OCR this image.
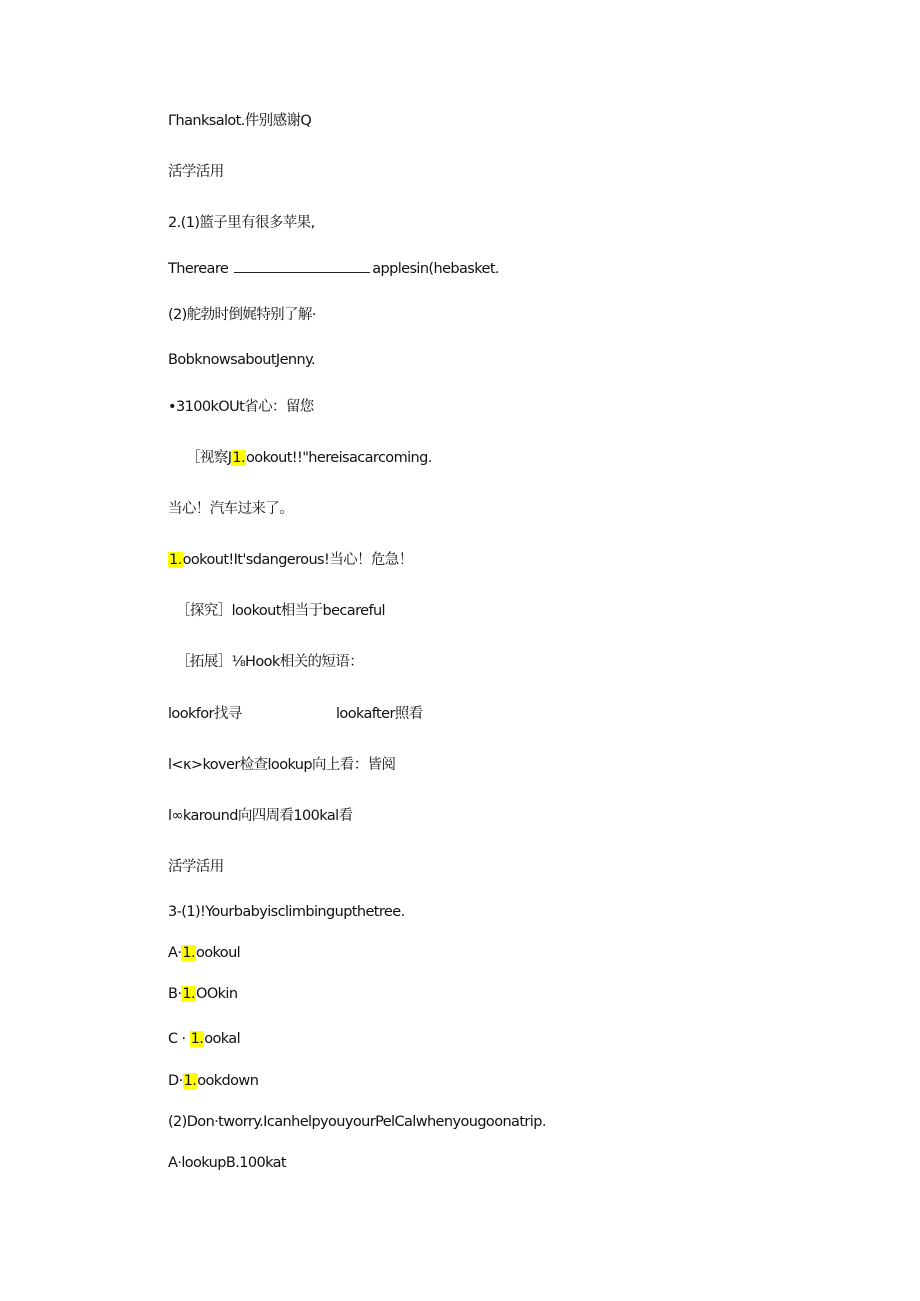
Γhanksalot.件别感谢Q
活学活用
2.(1)篮子里有很多苹果,
Thereare	applesin(hebasket.
(2)舵勃时倒娓特别了解·
BobknowsaboutJenny.
•3100kOUt省心：留您
［视察J1.ookout!!"hereisacarcoming.
当心！汽车过来了。
1.ookout!It'sdangerous!当心！危急！
［探究］lookout相当于becareful
［拓展］⅛Hook相关的短语：
lookfor找寻	lookafter照看
l<κ>kover检查lookup向上看：皆阅
l∞karound向四周看100kal看
活学活用
3-(1)!Yourbabyisclimbingupthetree.
A·1.ookoul
B·1.OOkin
C · 1.ookal
D·1.ookdown
(2)Don·tworry.IcanhelpyouyourPelCalwhenyougoonatrip.
A·lookupB.100kat
